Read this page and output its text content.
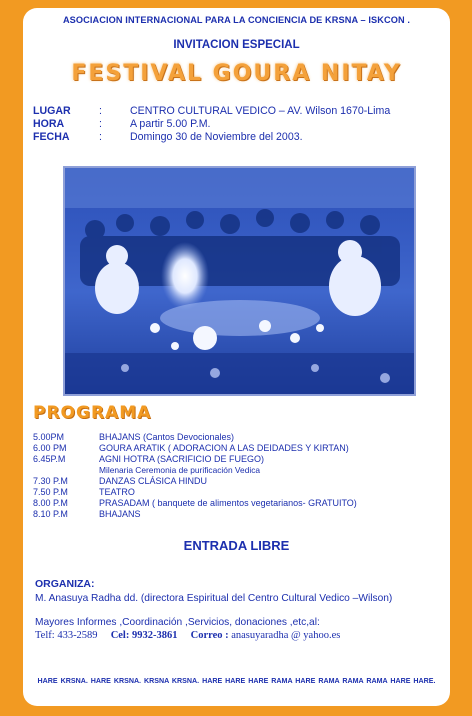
ASOCIACION INTERNACIONAL PARA LA CONCIENCIA DE KRSNA – ISKCON .
INVITACION ESPECIAL
FESTIVAL GOURA NITAY
LUGAR	:	CENTRO CULTURAL VEDICO – AV. Wilson 1670-Lima
HORA	:	A partir 5.00 P.M.
FECHA	:	Domingo 30 de Noviembre del 2003.
PROGRAMA
5.00PM	BHAJANS (Cantos Devocionales)
6.00 PM	GOURA ARATIK ( ADORACION A LAS DEIDADES Y KIRTAN)
6.45P.M	AGNI HOTRA (SACRIFICIO DE FUEGO)
Milenaria Ceremonia de purificación Vedica
7.30 P.M	DANZAS CLÁSICA HINDU
7.50 P.M	TEATRO
8.00 P.M	PRASADAM ( banquete de alimentos vegetarianos- GRATUITO)
8.10 P.M	BHAJANS
ENTRADA LIBRE
ORGANIZA:
M. Anasuya Radha dd. (directora Espiritual del Centro Cultural Vedico –Wilson)
Mayores Informes ,Coordinación ,Servicios, donaciones ,etc,al:
Telf: 433-2589 Cel: 9932-3861 Correo : anasuyaradha @ yahoo.es
HARE KRSNA. HARE KRSNA. KRSNA KRSNA. HARE HARE HARE RAMA HARE RAMA RAMA RAMA HARE HARE.
